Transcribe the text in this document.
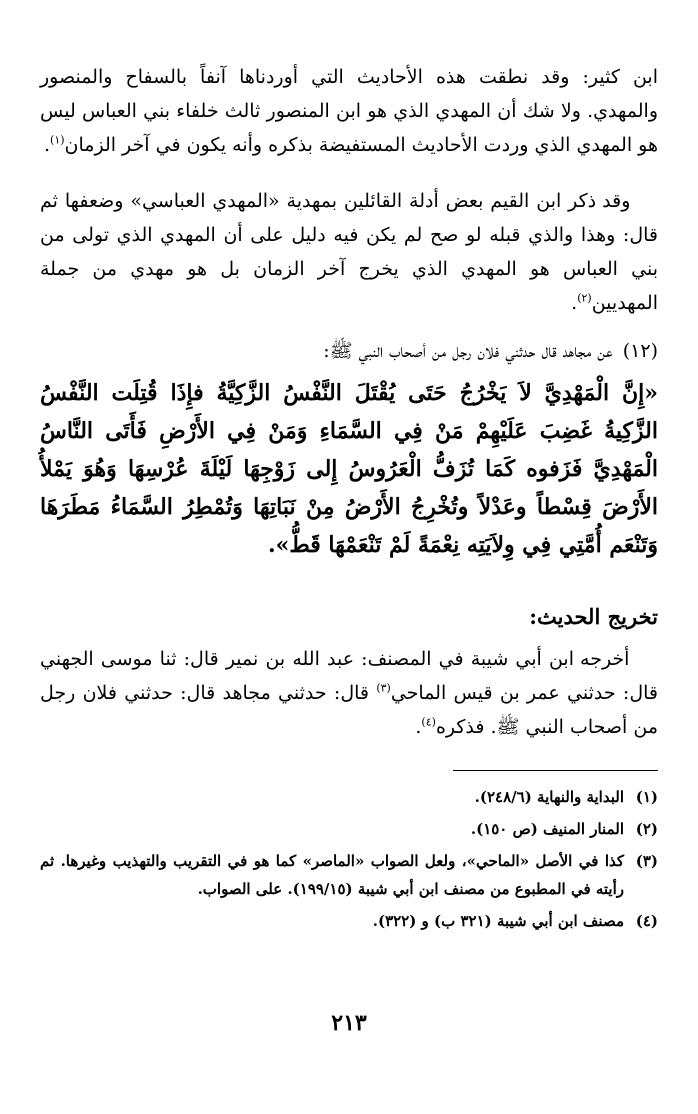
ابن كثير: وقد نطقت هذه الأحاديث التي أوردناها آنفاً بالسفاح والمنصور والمهدي. ولا شك أن المهدي الذي هو ابن المنصور ثالث خلفاء بني العباس ليس هو المهدي الذي وردت الأحاديث المستفيضة بذكره وأنه يكون في آخر الزمان$^{(١)}$.

وقد ذكر ابن القيم بعض أدلة القائلين بمهدية «المهدي العباسي» وضعفها ثم قال: وهذا والذي قبله لو صح لم يكن فيه دليل على أن المهدي الذي تولى من بني العباس هو المهدي الذي يخرج آخر الزمان بل هو مهدي من جملة المهديين$^{(٢)}$.

(١٢)عن مجاهد قال حدثني فلان رجل من أصحاب النبي ﷺ:

«إِنَّ الْمَهْدِيَّ لاَ يَخْرُجُ حَتَى يُقْتَلَ النَّفْسُ الزَّكِيَّةُ فإِذَا قُتِلَت النَّفْسُ الزَّكِيةُ غَضِبَ عَلَيْهِمْ مَنْ فِي السَّمَاءِ وَمَنْ فِي الأَرْضِ فَأَتَى النَّاسُ الْمَهْدِيَّ فَزَفوه كَمَا تُزَفُّ الْعَرُوسُ إِلى زَوْجِهَا لَيْلَةَ عُرْسِهَا وَهُوَ يَمْلأُ الأَرْضَ قِسْطاً وعَدْلاً وتُخْرِجُ الأَرْضُ مِنْ نَبَاتِهَا وَتُمْطِرُ السَّمَاءُ مَطَرَهَا وَتَنْعَم أُمَّتِي فِي وِلاَيَتِه نِعْمَةً لَمْ تَنْعَمْهَا قَطُّ».

تخريج الحديث:

أخرجه ابن أبي شيبة في المصنف: عبد الله بن نمير قال: ثنا موسى الجهني قال: حدثني عمر بن قيس الماحي$^{(٣)}$ قال: حدثني مجاهد قال: حدثني فلان رجل من أصحاب النبي ﷺ. فذكره$^{(٤)}$.

(١)
البداية والنهاية (٢٤٨/٦).

(٢)
المنار المنيف (ص ١٥٠).

(٣)
كذا في الأصل «الماحي»، ولعل الصواب «الماصر» كما هو في التقريب والتهذيب وغيرها. ثم رأيته في المطبوع من مصنف ابن أبي شيبة (١٩٩/١٥). على الصواب.

(٤)
مصنف ابن أبي شيبة (٣٢١ ب) و (٣٢٢).

٢١٣
